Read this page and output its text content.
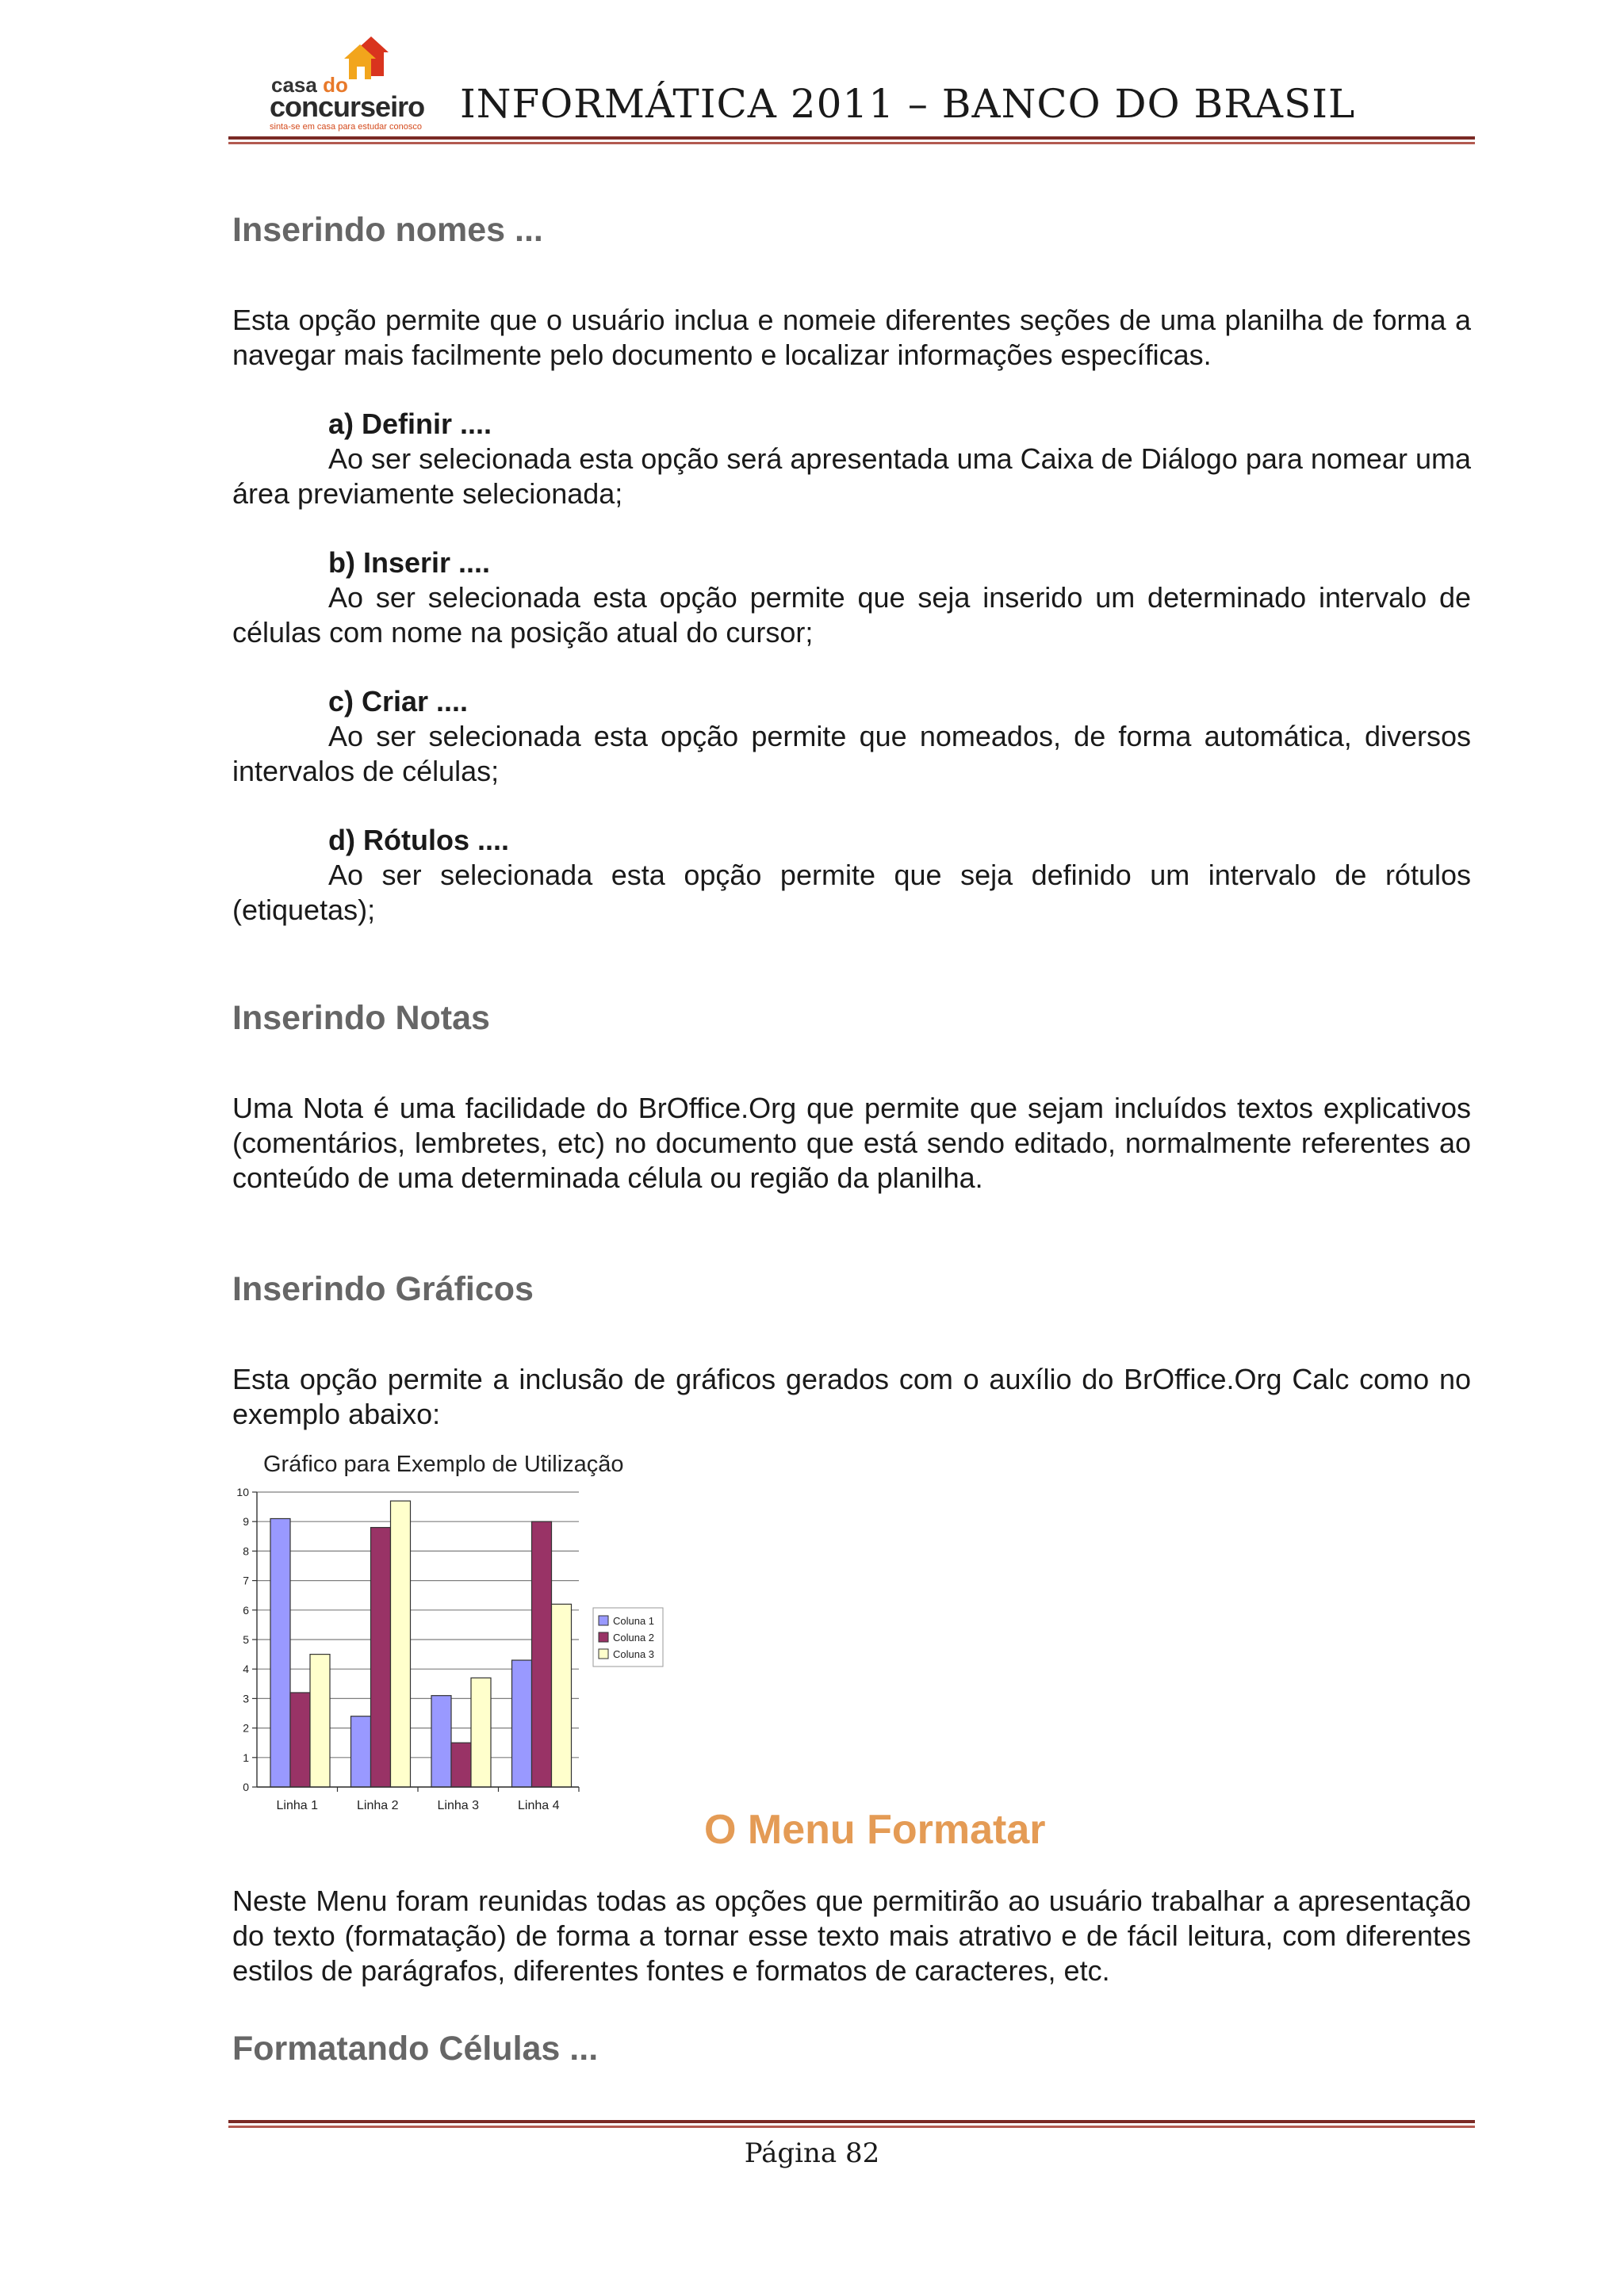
casa do
concurseiro
sinta-se em casa para estudar conosco INFORMÁTICA 2011 – BANCO DO BRASIL
Inserindo nomes ...
Esta opção permite que o usuário inclua e nomeie diferentes seções de uma planilha de forma a navegar mais facilmente pelo documento e localizar informações específicas.
a) Definir ....
Ao ser selecionada esta opção será apresentada uma Caixa de Diálogo para nomear uma área previamente selecionada;
b) Inserir ....
Ao ser selecionada esta opção permite que seja inserido um determinado intervalo de células com nome na posição atual do cursor;
c) Criar ....
Ao ser selecionada esta opção permite que nomeados, de forma automática, diversos intervalos de células;
d) Rótulos ....
Ao ser selecionada esta opção permite que seja definido um intervalo de rótulos (etiquetas);
Inserindo Notas
Uma Nota é uma facilidade do BrOffice.Org que permite que sejam incluídos textos explicativos (comentários, lembretes, etc) no documento que está sendo editado, normalmente referentes ao conteúdo de uma determinada célula ou região da planilha.
Inserindo Gráficos
Esta opção permite a inclusão de gráficos gerados com o auxílio do BrOffice.Org Calc como no exemplo abaixo:
Gráfico para Exemplo de Utilização
0
1
2
3
4
5
6
7
8
9
10
Linha 1	Linha 2	Linha 3	Linha 4
Coluna 1
Coluna 2
Coluna 3
O Menu Formatar
Neste Menu foram reunidas todas as opções que permitirão ao usuário trabalhar a apresentação do texto (formatação) de forma a tornar esse texto mais atrativo e de fácil leitura, com diferentes estilos de parágrafos, diferentes fontes e formatos de caracteres, etc.
Formatando Células ...
Página 82
